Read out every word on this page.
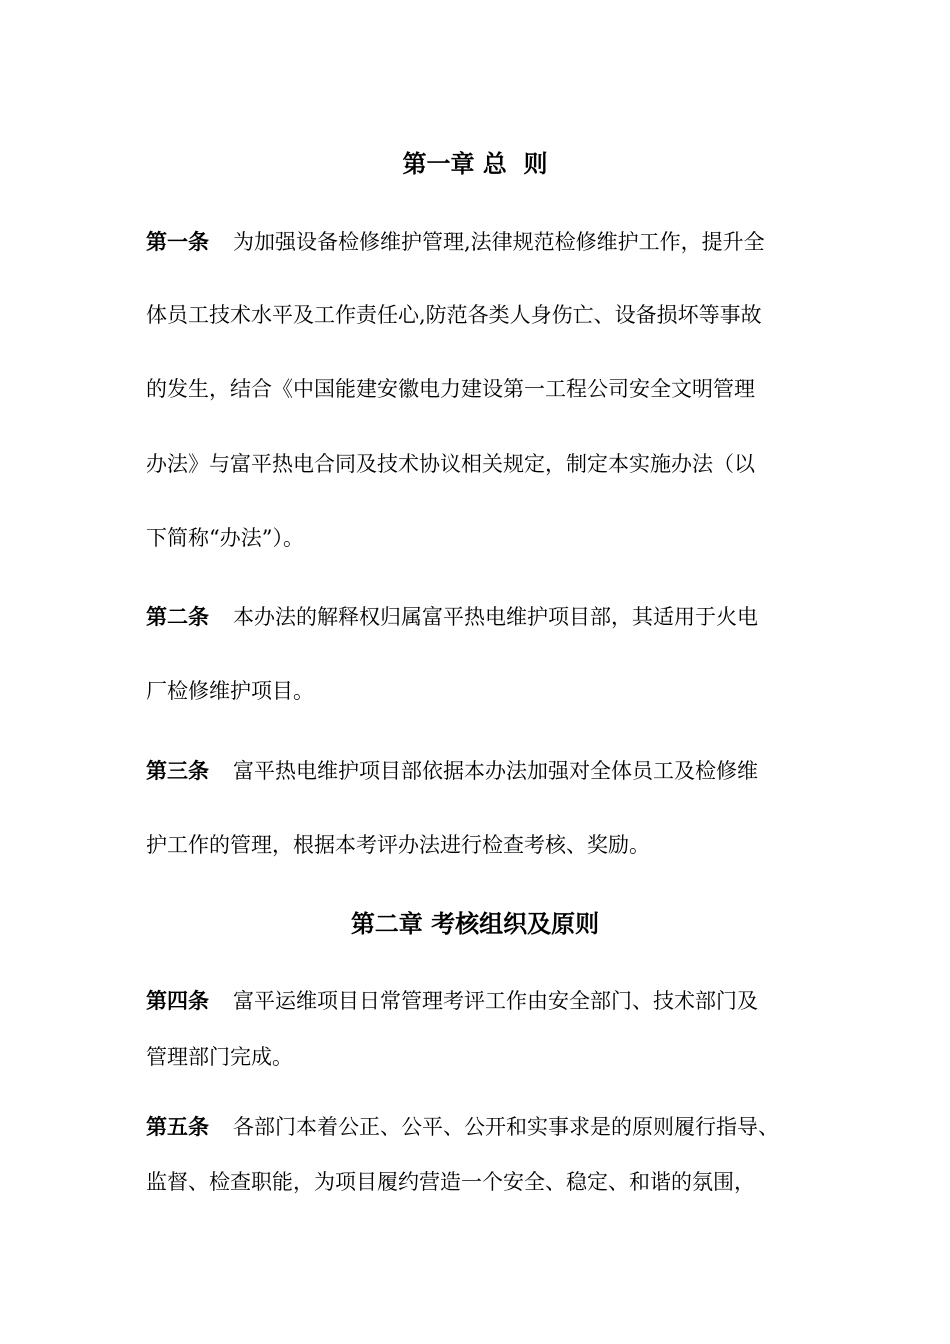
第一章 总  则
第一条 为加强设备检修维护管理,法律规范检修维护工作，提升全
体员工技术水平及工作责任心,防范各类人身伤亡、设备损坏等事故
的发生，结合《中国能建安徽电力建设第一工程公司安全文明管理
办法》与富平热电合同及技术协议相关规定，制定本实施办法（以
下简称“办法”）。
第二条 本办法的解释权归属富平热电维护项目部，其适用于火电
厂检修维护项目。
第三条 富平热电维护项目部依据本办法加强对全体员工及检修维
护工作的管理，根据本考评办法进行检查考核、奖励。
第二章 考核组织及原则
第四条 富平运维项目日常管理考评工作由安全部门、技术部门及
管理部门完成。
第五条 各部门本着公正、公平、公开和实事求是的原则履行指导、
监督、检查职能，为项目履约营造一个安全、稳定、和谐的氛围，
